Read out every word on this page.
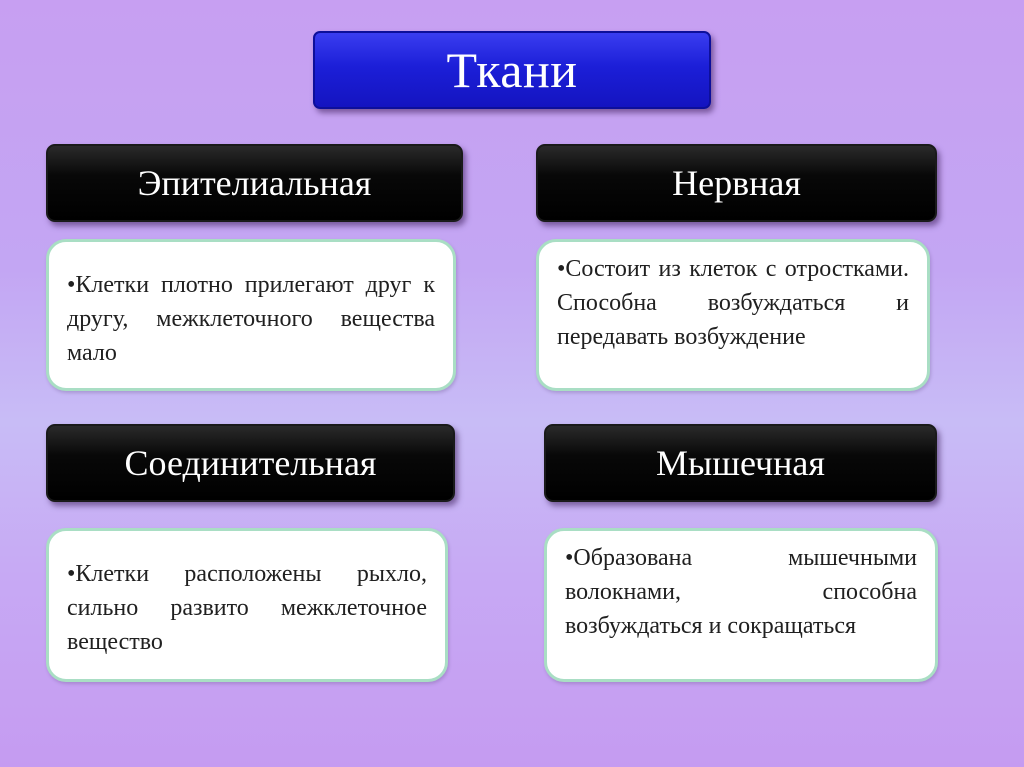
Ткани
Эпителиальная

•Клетки плотно прилегают друг к другу, межклеточного вещества мало

Нервная

•Состоит из клеток с отростками. Способна возбуждаться и передавать возбуждение

Соединительная

•Клетки расположены рыхло, сильно развито межклеточное вещество

Мышечная

•Образована мышечными волокнами, способна возбуждаться и сокращаться
